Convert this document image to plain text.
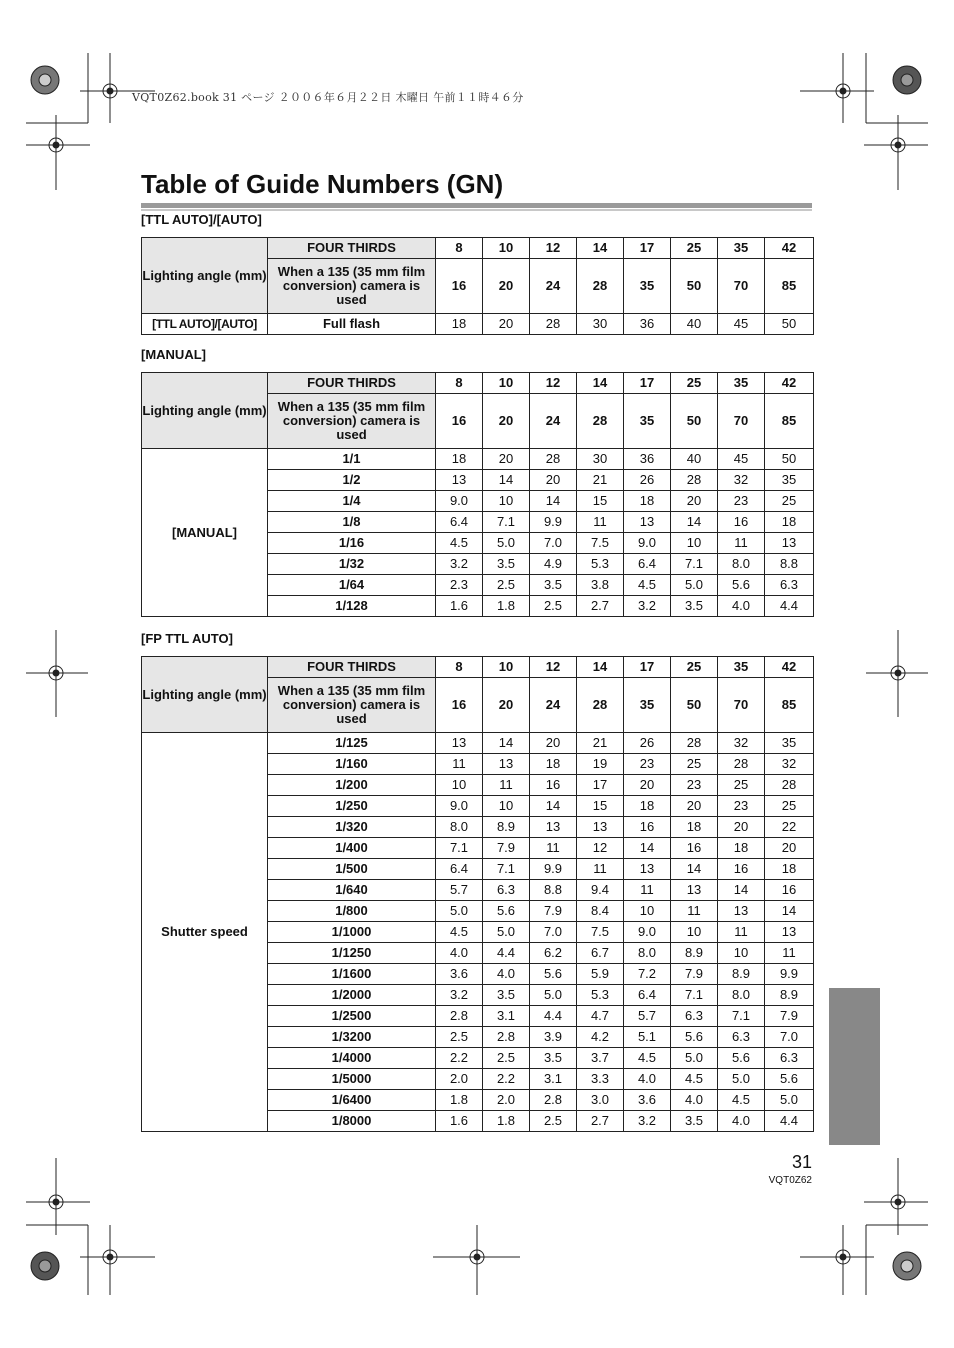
VQT0Z62.book 31 ページ ２００６年６月２２日 木曜日 午前１１時４６分
Table of Guide Numbers (GN)
[TTL AUTO]/[AUTO]
Lighting angle (mm)	FOUR THIRDS	8	10	12	14	17	25	35	42
	When a 135 (35 mm film conversion) camera is used	16	20	24	28	35	50	70	85
[TTL AUTO]/[AUTO]	Full flash	18	20	28	30	36	40	45	50
[MANUAL]
Lighting angle (mm)	FOUR THIRDS	8	10	12	14	17	25	35	42
	When a 135 (35 mm film conversion) camera is used	16	20	24	28	35	50	70	85
[MANUAL]	1/1	18	20	28	30	36	40	45	50
	1/2	13	14	20	21	26	28	32	35
	1/4	9.0	10	14	15	18	20	23	25
	1/8	6.4	7.1	9.9	11	13	14	16	18
	1/16	4.5	5.0	7.0	7.5	9.0	10	11	13
	1/32	3.2	3.5	4.9	5.3	6.4	7.1	8.0	8.8
	1/64	2.3	2.5	3.5	3.8	4.5	5.0	5.6	6.3
	1/128	1.6	1.8	2.5	2.7	3.2	3.5	4.0	4.4
[FP TTL AUTO]
Lighting angle (mm)	FOUR THIRDS	8	10	12	14	17	25	35	42
	When a 135 (35 mm film conversion) camera is used	16	20	24	28	35	50	70	85
Shutter speed	1/125	13	14	20	21	26	28	32	35
	1/160	11	13	18	19	23	25	28	32
	1/200	10	11	16	17	20	23	25	28
	1/250	9.0	10	14	15	18	20	23	25
	1/320	8.0	8.9	13	13	16	18	20	22
	1/400	7.1	7.9	11	12	14	16	18	20
	1/500	6.4	7.1	9.9	11	13	14	16	18
	1/640	5.7	6.3	8.8	9.4	11	13	14	16
	1/800	5.0	5.6	7.9	8.4	10	11	13	14
	1/1000	4.5	5.0	7.0	7.5	9.0	10	11	13
	1/1250	4.0	4.4	6.2	6.7	8.0	8.9	10	11
	1/1600	3.6	4.0	5.6	5.9	7.2	7.9	8.9	9.9
	1/2000	3.2	3.5	5.0	5.3	6.4	7.1	8.0	8.9
	1/2500	2.8	3.1	4.4	4.7	5.7	6.3	7.1	7.9
	1/3200	2.5	2.8	3.9	4.2	5.1	5.6	6.3	7.0
	1/4000	2.2	2.5	3.5	3.7	4.5	5.0	5.6	6.3
	1/5000	2.0	2.2	3.1	3.3	4.0	4.5	5.0	5.6
	1/6400	1.8	2.0	2.8	3.0	3.6	4.0	4.5	5.0
	1/8000	1.6	1.8	2.5	2.7	3.2	3.5	4.0	4.4
31
VQT0Z62
